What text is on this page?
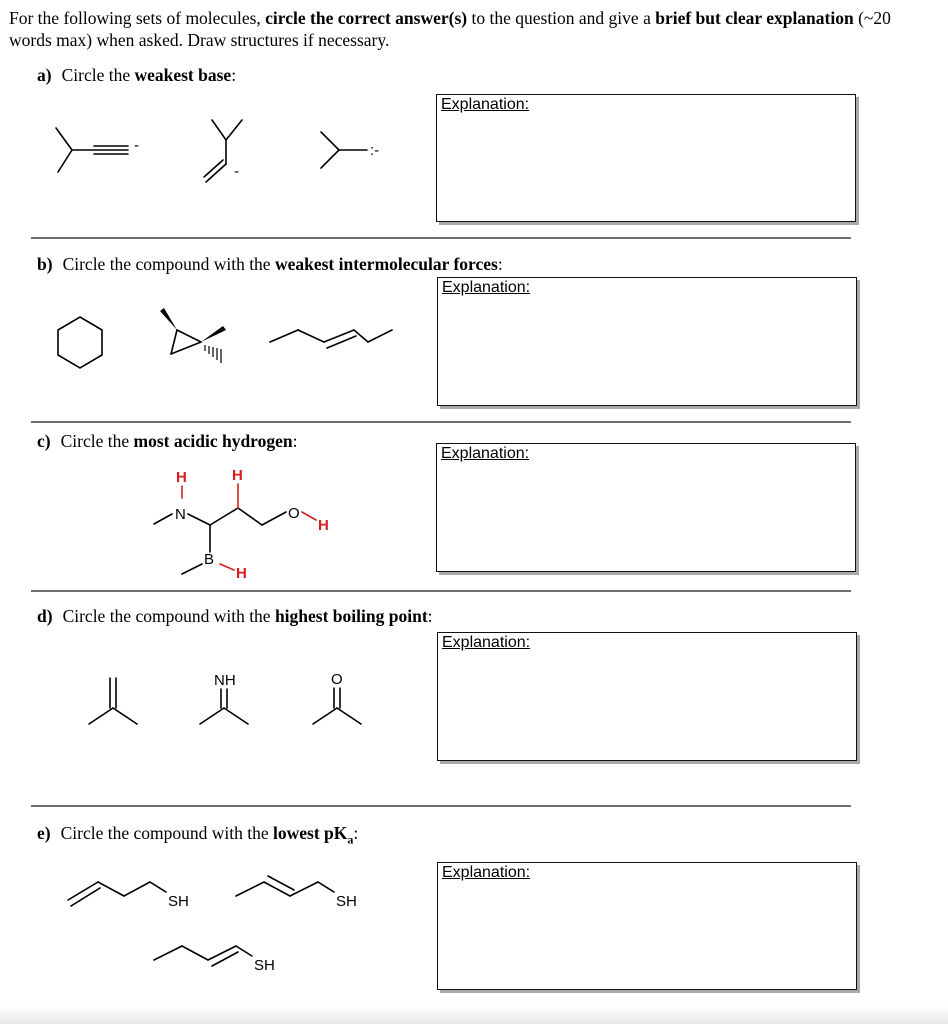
For the following sets of molecules, circle the correct answer(s) to the question and give a brief but clear explanation (~20 words max) when asked. Draw structures if necessary.
a) Circle the weakest base:
Explanation:
-
-
:-
b) Circle the compound with the weakest intermolecular forces:
Explanation:
c) Circle the most acidic hydrogen:
Explanation:
H	H
N	O
H
B
H
d) Circle the compound with the highest boiling point:
Explanation:
NH	O
e) Circle the compound with the lowest $pK_a$:
Explanation:
SH	SH
SH
